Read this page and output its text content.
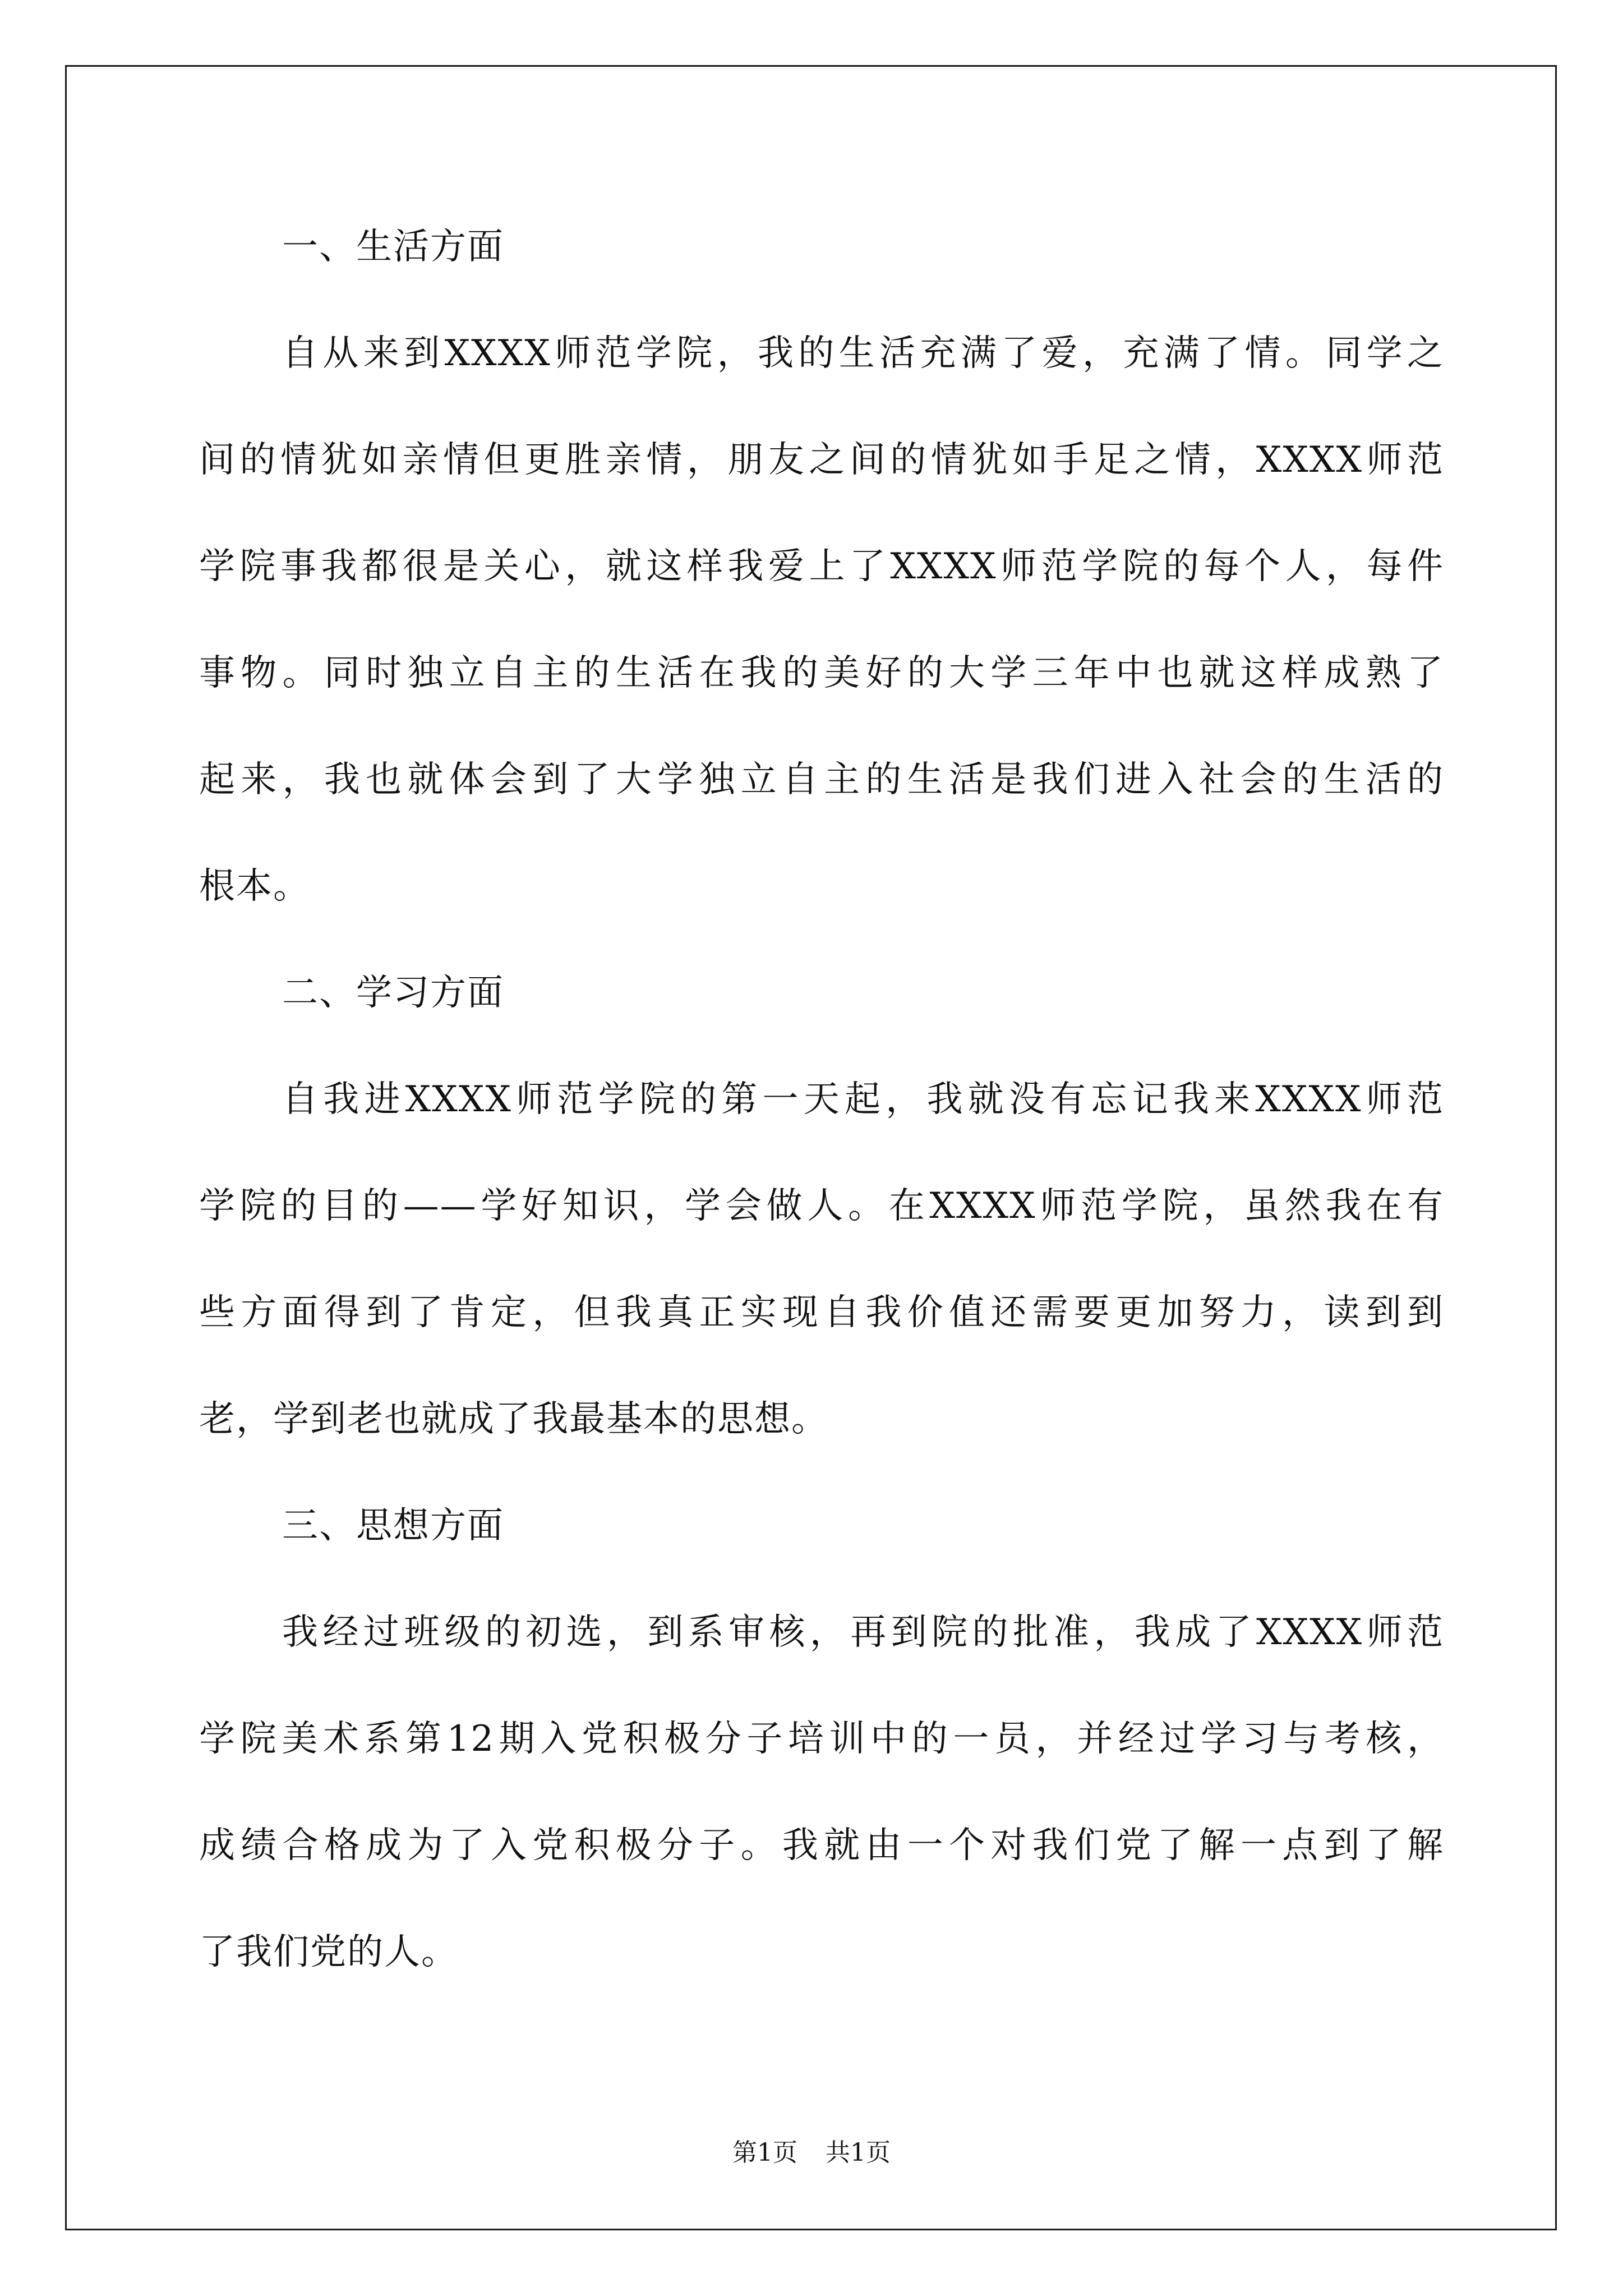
一、生活方面
自从来到XXXX师范学院，我的生活充满了爱，充满了情。同学之
间的情犹如亲情但更胜亲情，朋友之间的情犹如手足之情，XXXX师范
学院事我都很是关心，就这样我爱上了XXXX师范学院的每个人，每件
事物。同时独立自主的生活在我的美好的大学三年中也就这样成熟了
起来，我也就体会到了大学独立自主的生活是我们进入社会的生活的
根本。
二、学习方面
自我进XXXX师范学院的第一天起，我就没有忘记我来XXXX师范
学院的目的——学好知识，学会做人。在XXXX师范学院，虽然我在有
些方面得到了肯定，但我真正实现自我价值还需要更加努力，读到到
老，学到老也就成了我最基本的思想。
三、思想方面
我经过班级的初选，到系审核，再到院的批准，我成了XXXX师范
学院美术系第12期入党积极分子培训中的一员，并经过学习与考核，
成绩合格成为了入党积极分子。我就由一个对我们党了解一点到了解
了我们党的人。
第1页 共1页
